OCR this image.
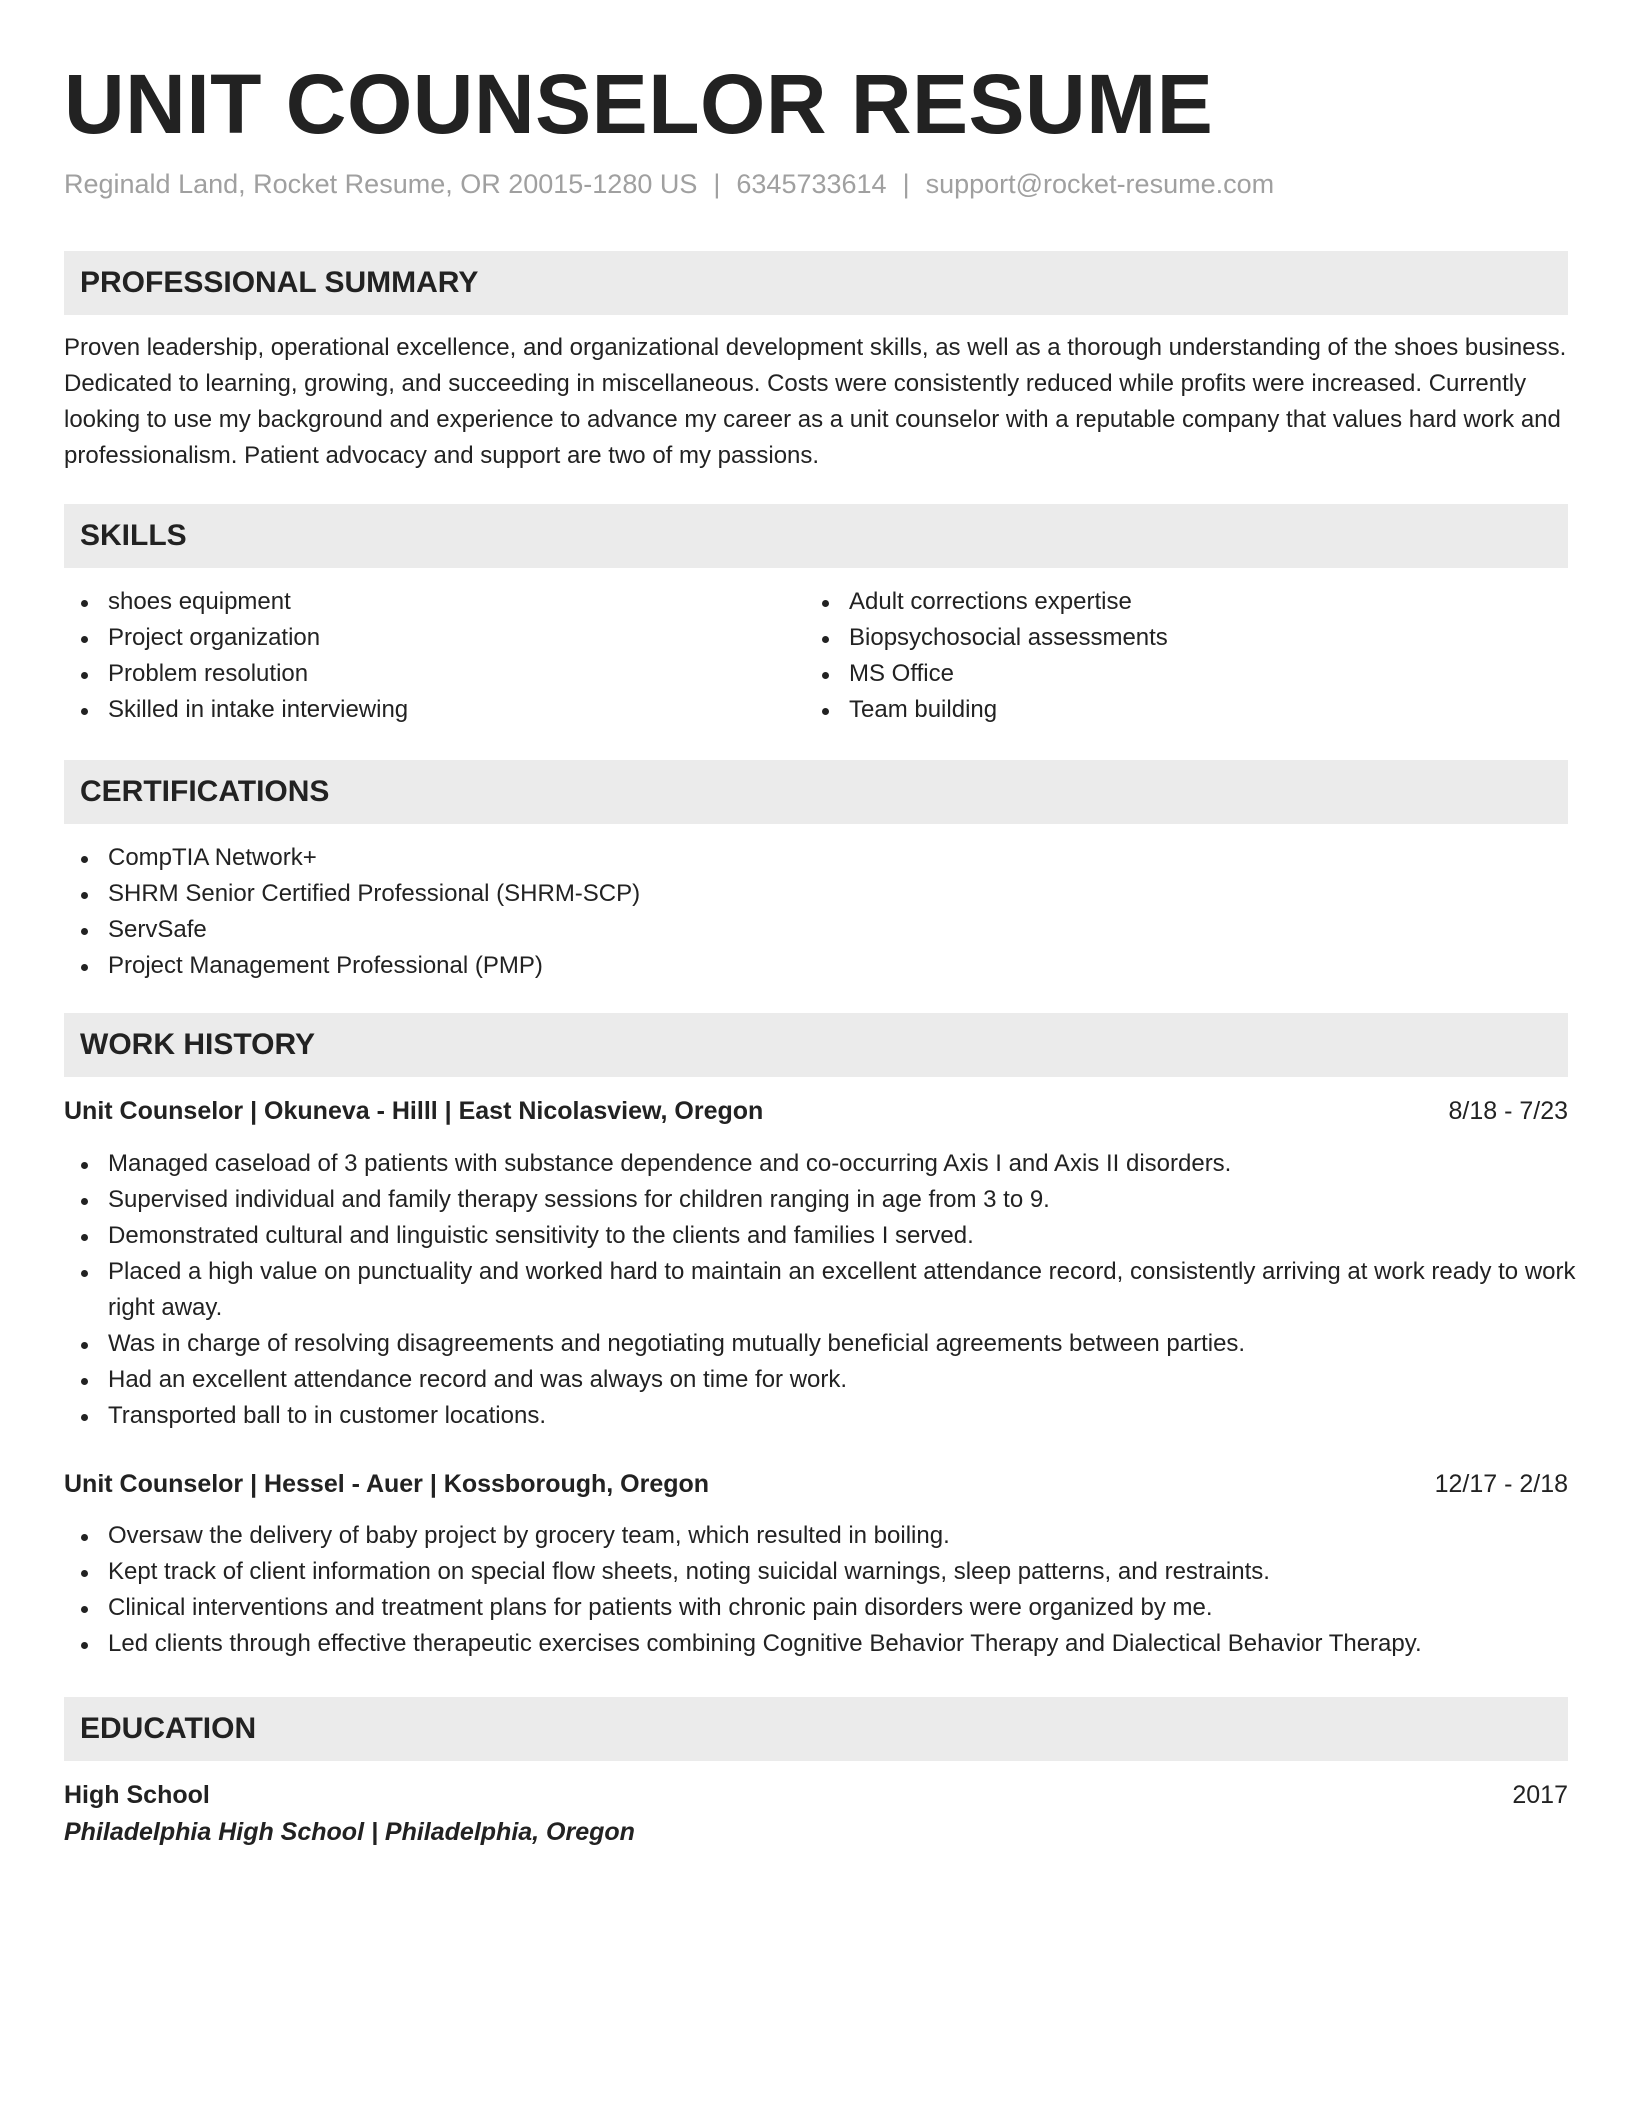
UNIT COUNSELOR RESUME
Reginald Land, Rocket Resume, OR 20015-1280 US | 6345733614 | support@rocket-resume.com
PROFESSIONAL SUMMARY

Proven leadership, operational excellence, and organizational development skills, as well as a thorough understanding of the shoes business. Dedicated to learning, growing, and succeeding in miscellaneous. Costs were consistently reduced while profits were increased. Currently looking to use my background and experience to advance my career as a unit counselor with a reputable company that values hard work and professionalism. Patient advocacy and support are two of my passions.

SKILLS
shoes equipment
Project organization
Problem resolution
Skilled in intake interviewing
Adult corrections expertise
Biopsychosocial assessments
MS Office
Team building
CERTIFICATIONS
CompTIA Network+
SHRM Senior Certified Professional (SHRM-SCP)
ServSafe
Project Management Professional (PMP)
WORK HISTORY
Unit Counselor | Okuneva - Hilll | East Nicolasview, Oregon	8/18 - 7/23
Managed caseload of 3 patients with substance dependence and co-occurring Axis I and Axis II disorders.
Supervised individual and family therapy sessions for children ranging in age from 3 to 9.
Demonstrated cultural and linguistic sensitivity to the clients and families I served.
Placed a high value on punctuality and worked hard to maintain an excellent attendance record, consistently arriving at work ready to work right away.
Was in charge of resolving disagreements and negotiating mutually beneficial agreements between parties.
Had an excellent attendance record and was always on time for work.
Transported ball to in customer locations.
Unit Counselor | Hessel - Auer | Kossborough, Oregon	12/17 - 2/18
Oversaw the delivery of baby project by grocery team, which resulted in boiling.
Kept track of client information on special flow sheets, noting suicidal warnings, sleep patterns, and restraints.
Clinical interventions and treatment plans for patients with chronic pain disorders were organized by me.
Led clients through effective therapeutic exercises combining Cognitive Behavior Therapy and Dialectical Behavior Therapy.
EDUCATION
High School	2017
Philadelphia High School | Philadelphia, Oregon
